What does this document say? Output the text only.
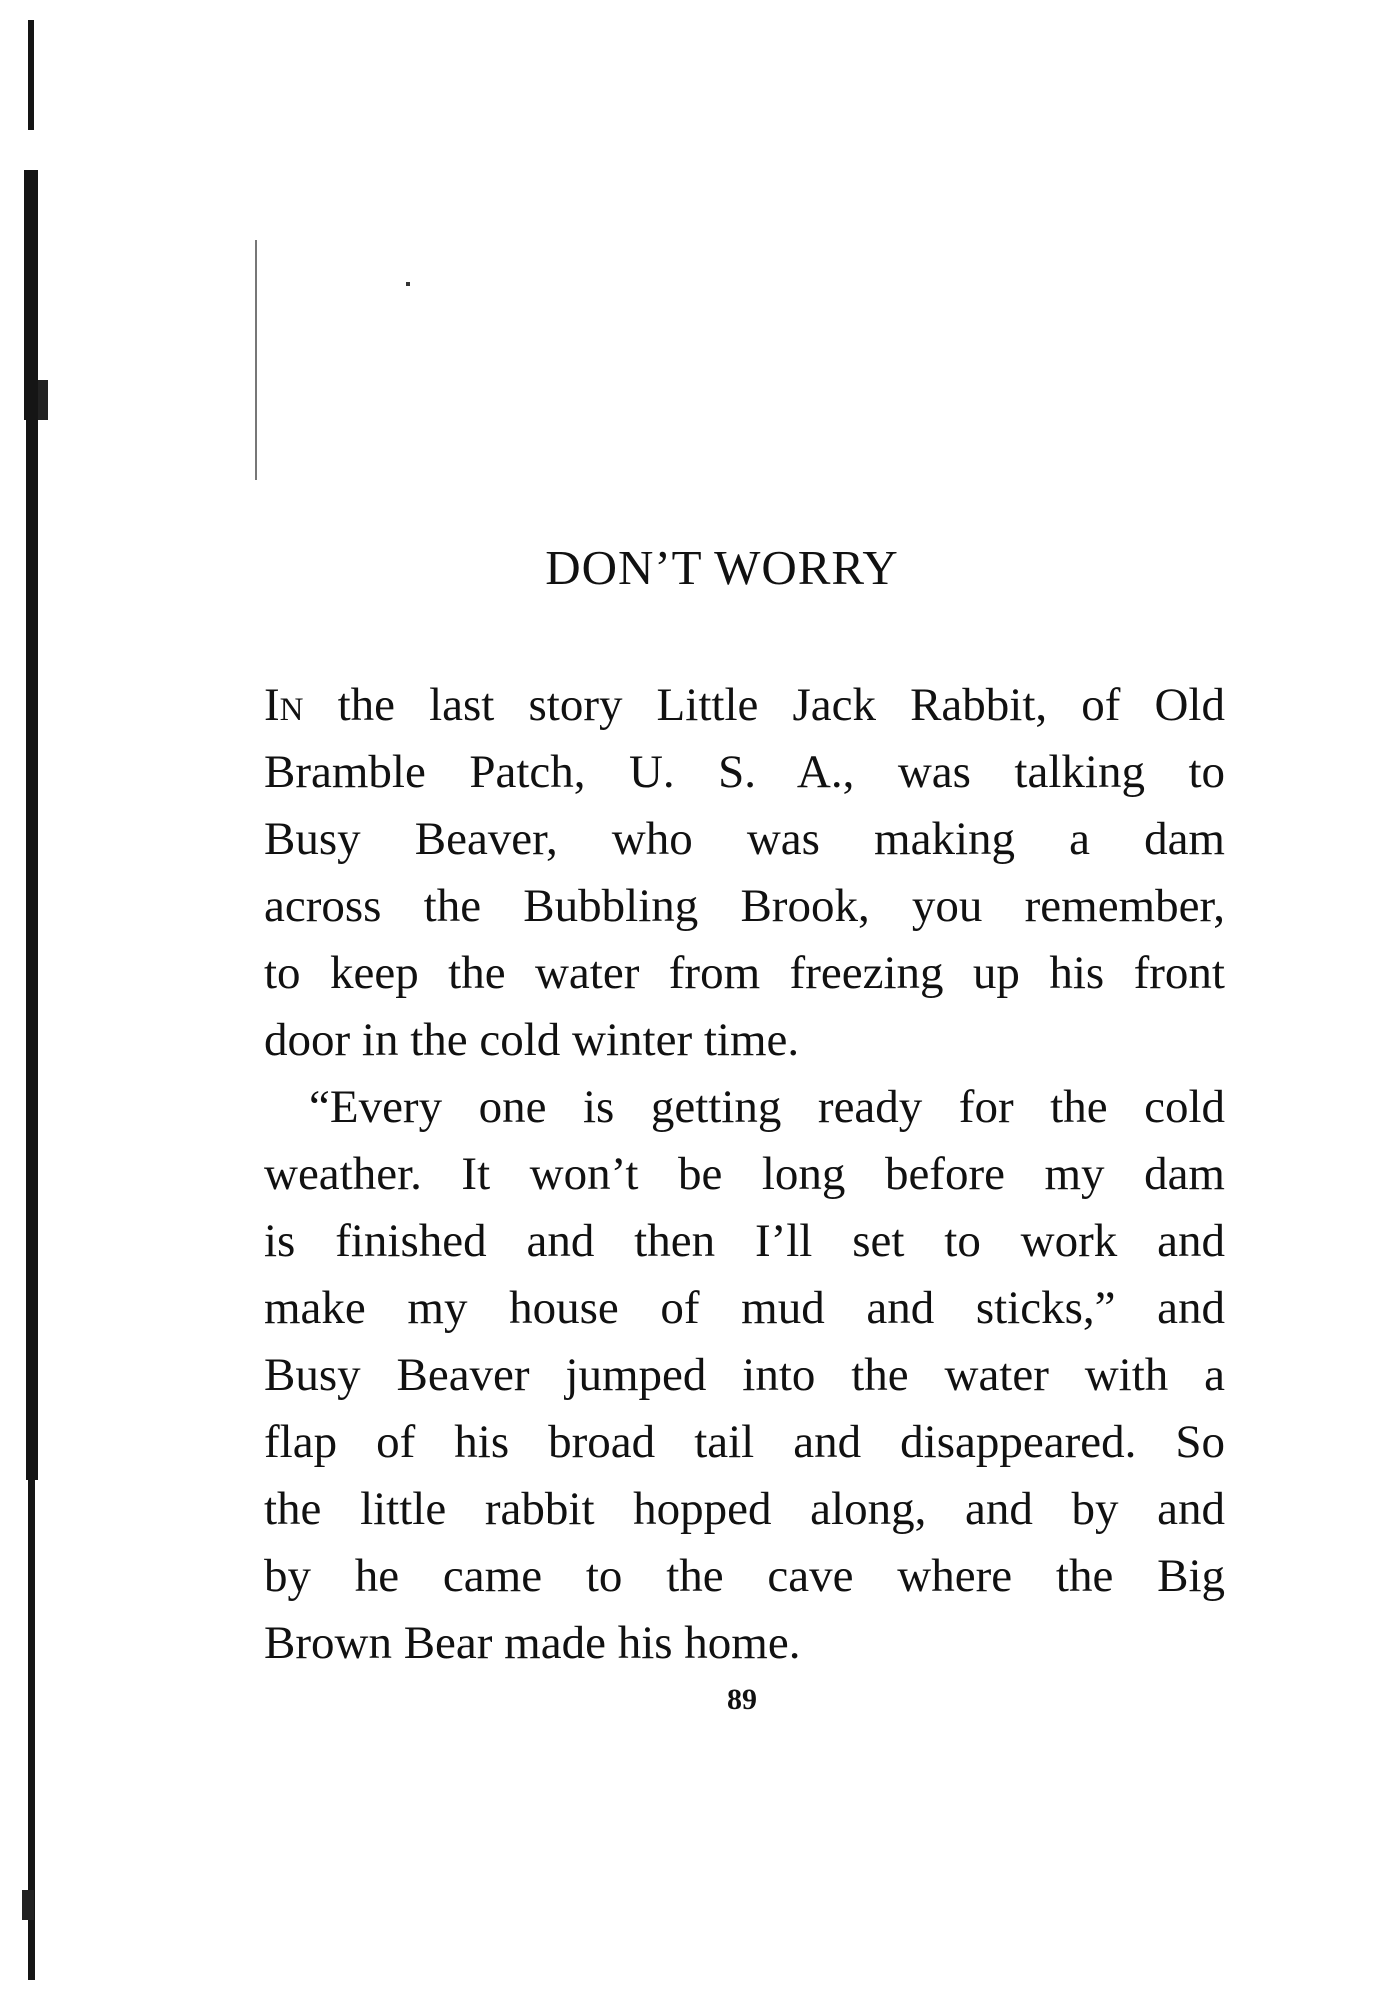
DON’T WORRY
In the last story Little Jack Rabbit, of Old
Bramble Patch, U. S. A., was talking to
Busy Beaver, who was making a dam
across the Bubbling Brook, you remember,
to keep the water from freezing up his front
door in the cold winter time.
“Every one is getting ready for the cold
weather. It won’t be long before my dam
is finished and then I’ll set to work and
make my house of mud and sticks,” and
Busy Beaver jumped into the water with a
flap of his broad tail and disappeared. So
the little rabbit hopped along, and by and
by he came to the cave where the Big
Brown Bear made his home.
89
